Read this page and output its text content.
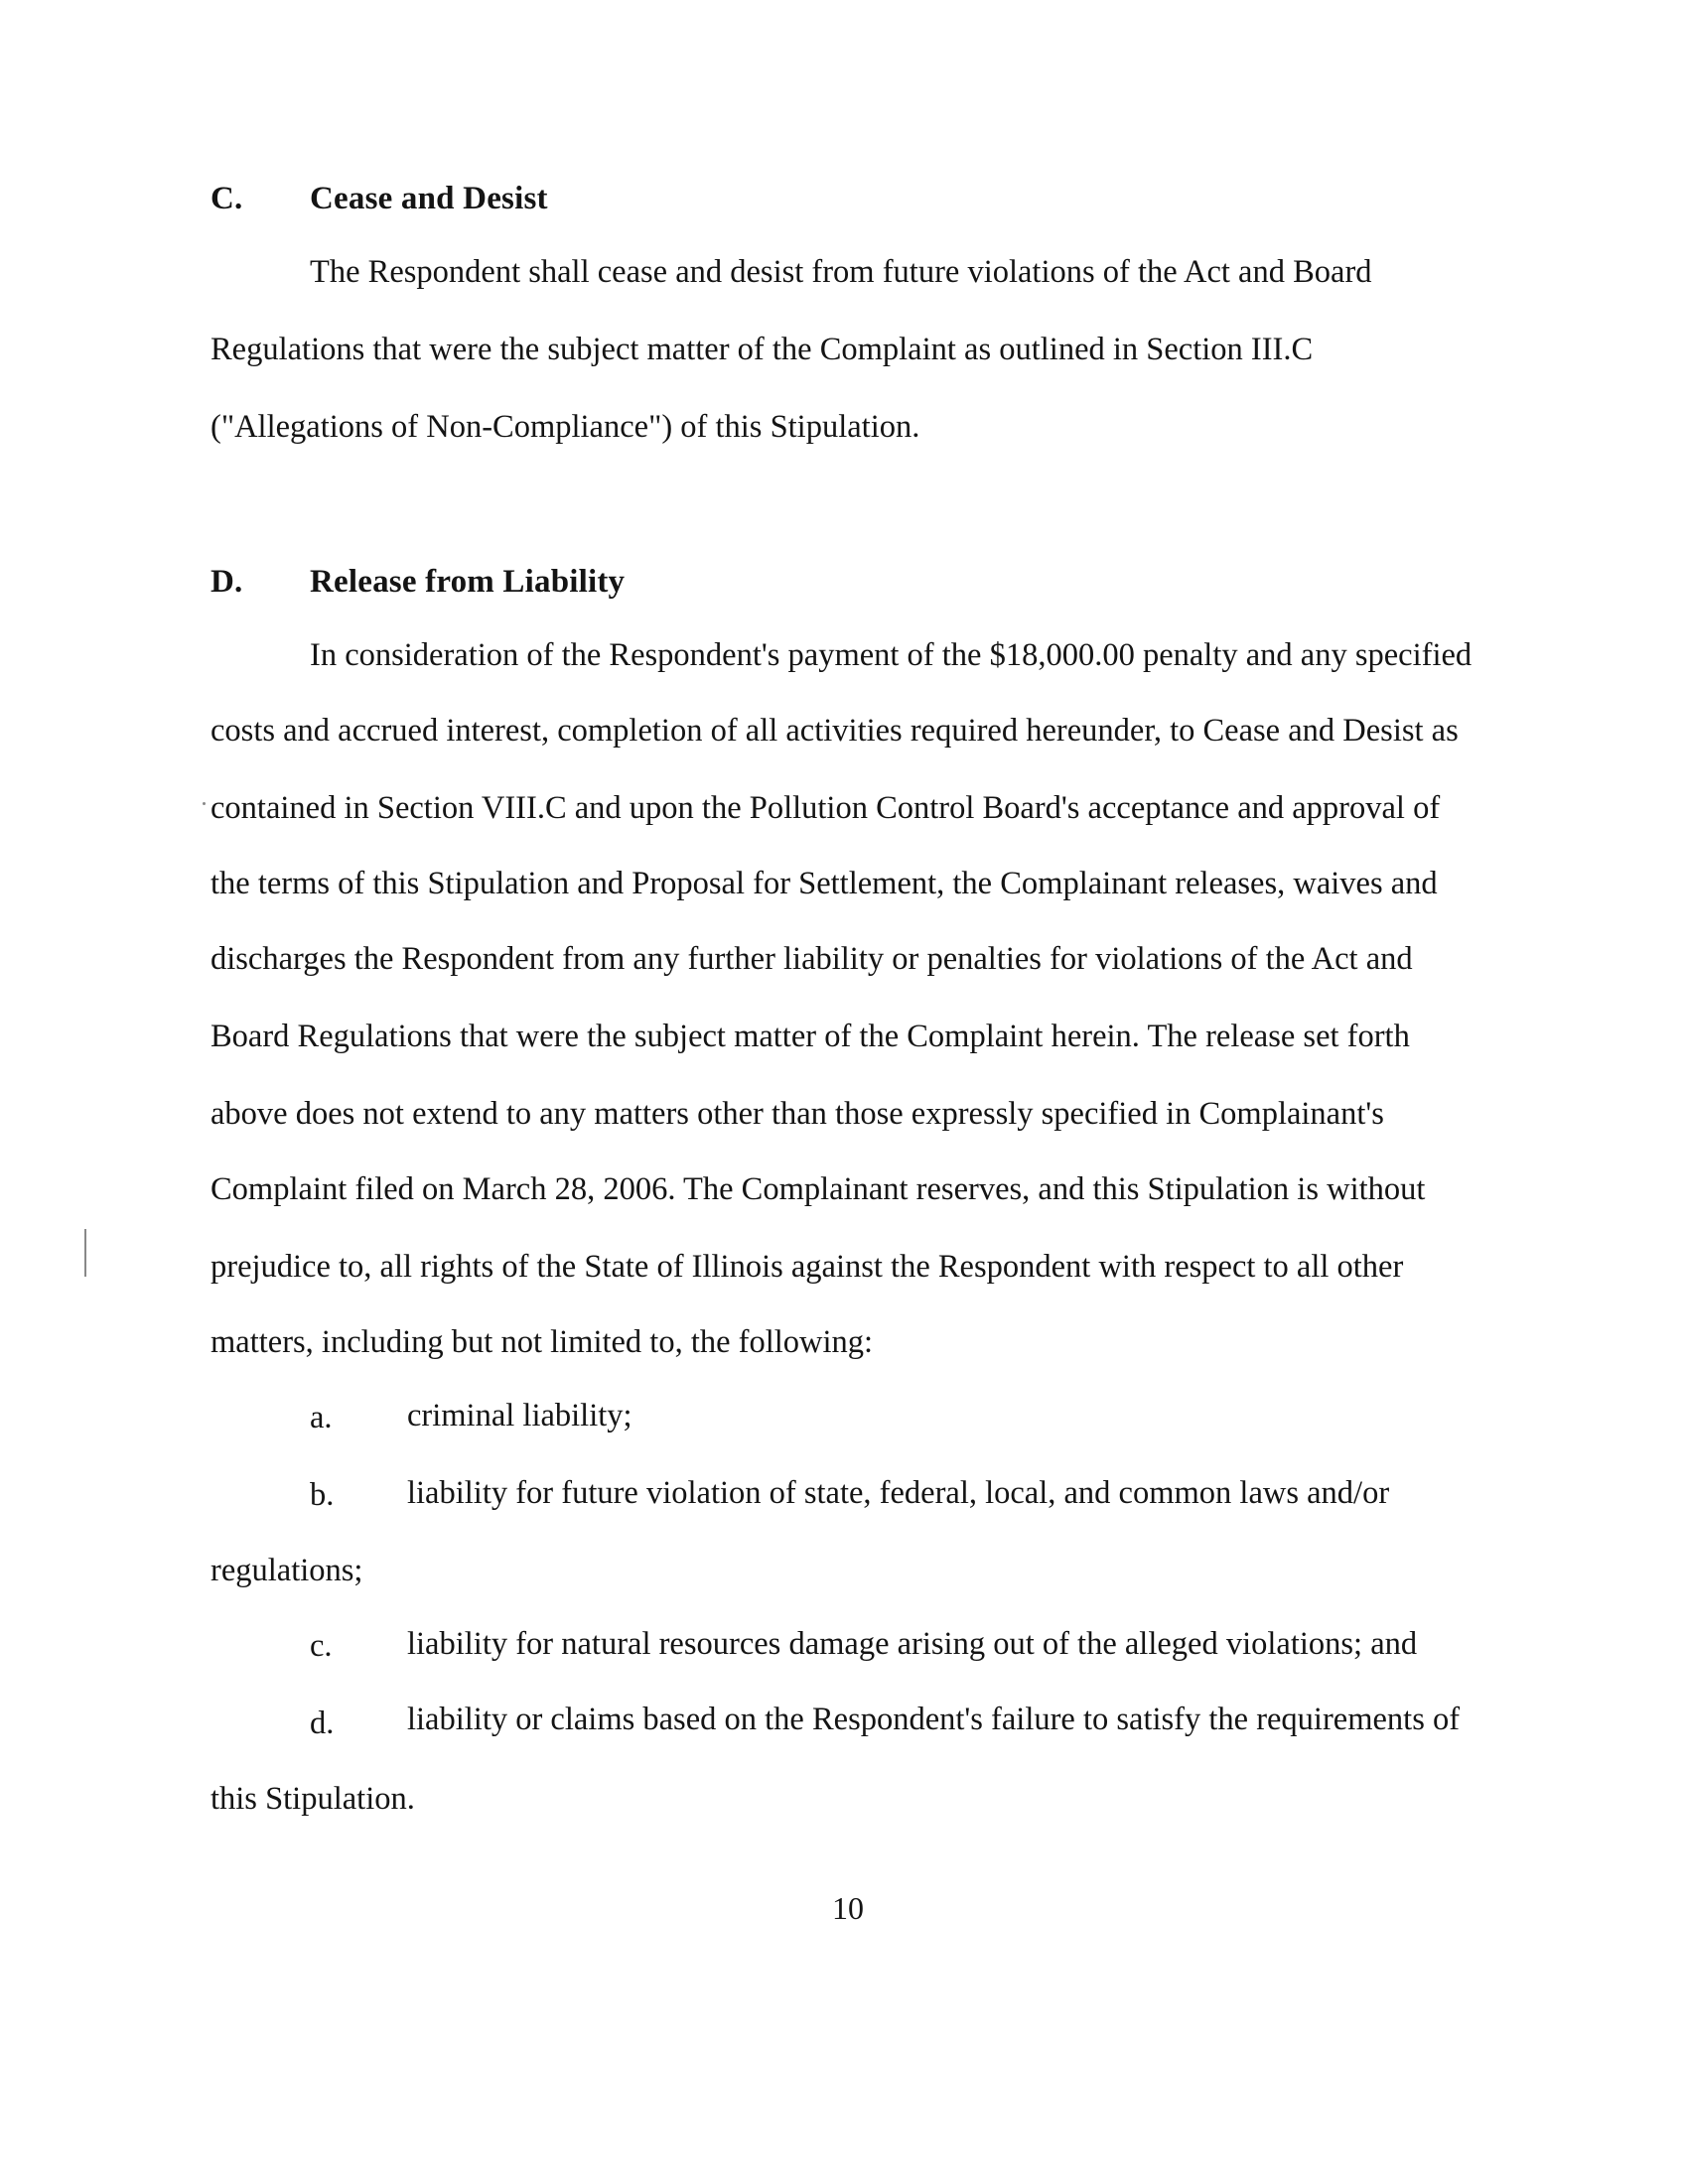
C. Cease and Desist
The Respondent shall cease and desist from future violations of the Act and Board
Regulations that were the subject matter of the Complaint as outlined in Section III.C
("Allegations of Non-Compliance") of this Stipulation.
D. Release from Liability
In consideration of the Respondent's payment of the $18,000.00 penalty and any specified
costs and accrued interest, completion of all activities required hereunder, to Cease and Desist as
contained in Section VIII.C and upon the Pollution Control Board's acceptance and approval of
the terms of this Stipulation and Proposal for Settlement, the Complainant releases, waives and
discharges the Respondent from any further liability or penalties for violations of the Act and
Board Regulations that were the subject matter of the Complaint herein. The release set forth
above does not extend to any matters other than those expressly specified in Complainant's
Complaint filed on March 28, 2006. The Complainant reserves, and this Stipulation is without
prejudice to, all rights of the State of Illinois against the Respondent with respect to all other
matters, including but not limited to, the following:
a. criminal liability;
b. liability for future violation of state, federal, local, and common laws and/or
regulations;
c. liability for natural resources damage arising out of the alleged violations; and
d. liability or claims based on the Respondent's failure to satisfy the requirements of
this Stipulation.
10
